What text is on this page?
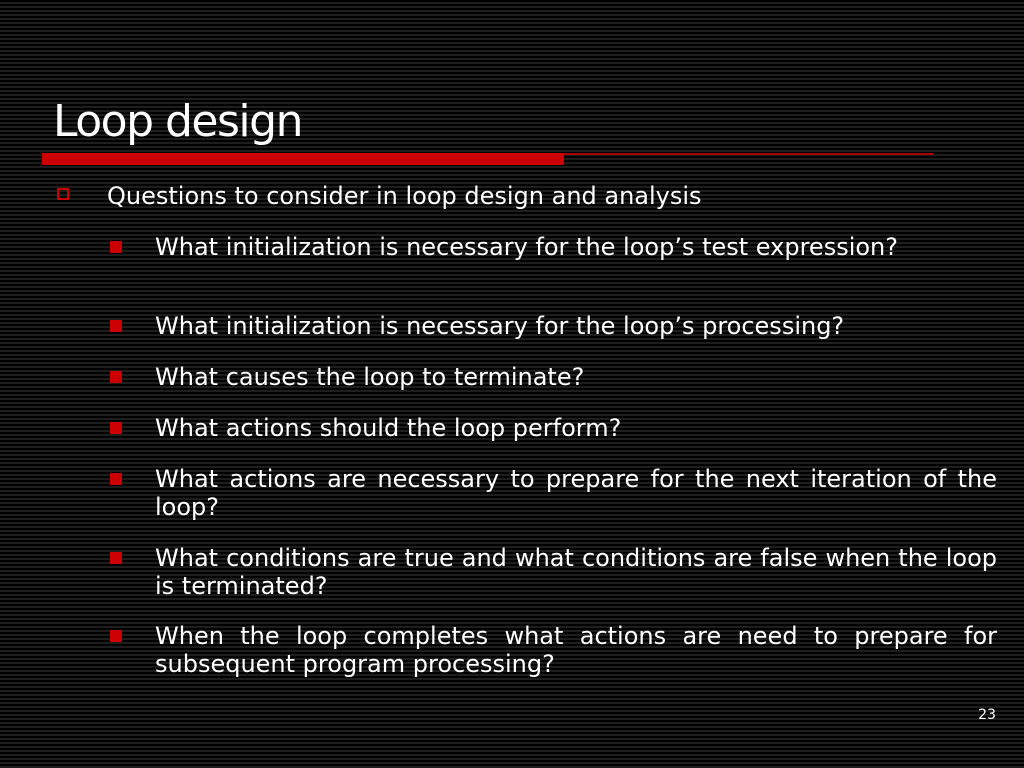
Loop design
Questions to consider in loop design and analysis
What initialization is necessary for the loop’s test expression?
What initialization is necessary for the loop’s processing?
What causes the loop to terminate?
What actions should the loop perform?
What actions are necessary to prepare for the next iteration of the loop?
What conditions are true and what conditions are false when the loop is terminated?
When the loop completes what actions are need to prepare for subsequent program processing?
23
